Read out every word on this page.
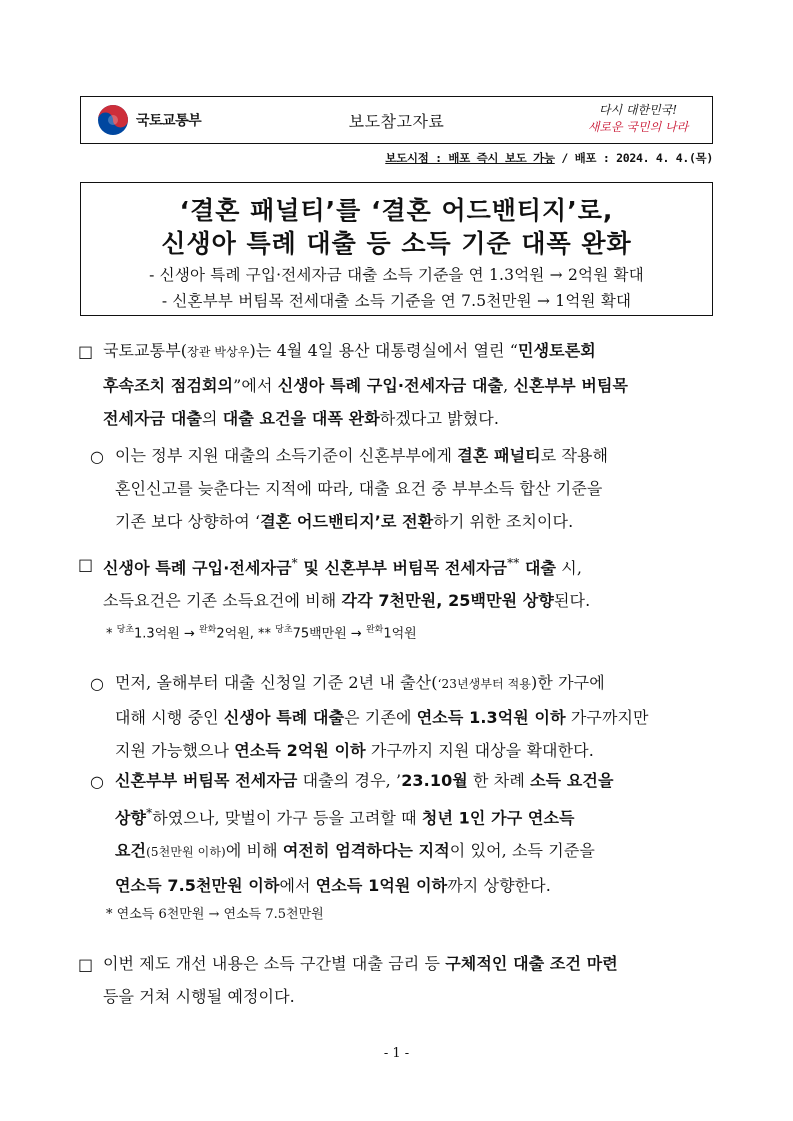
국토교통부	보도참고자료
다시 대한민국!
새로운 국민의 나라
보도시점 : 배포 즉시 보도 가능 / 배포 : 2024. 4. 4.(목)
‘결혼 패널티’를 ‘결혼 어드밴티지’로,
신생아 특례 대출 등 소득 기준 대폭 완화
- 신생아 특례 구입·전세자금 대출 소득 기준을 연 1.3억원 → 2억원 확대
- 신혼부부 버팀목 전세대출 소득 기준을 연 7.5천만원 → 1억원 확대
□ 국토교통부(장관 박상우)는 4월 4일 용산 대통령실에서 열린 “민생토론회
후속조치 점검회의”에서 신생아 특례 구입·전세자금 대출, 신혼부부 버팀목
전세자금 대출의 대출 요건을 대폭 완화하겠다고 밝혔다.
○ 이는 정부 지원 대출의 소득기준이 신혼부부에게 결혼 패널티로 작용해
혼인신고를 늦춘다는 지적에 따라, 대출 요건 중 부부소득 합산 기준을
기존 보다 상향하여 ‘결혼 어드밴티지’로 전환하기 위한 조치이다.
□ 신생아 특례 구입·전세자금* 및 신혼부부 버팀목 전세자금** 대출 시,
소득요건은 기존 소득요건에 비해 각각 7천만원, 25백만원 상향된다.
* $^{당초}$1.3억원 → $^{완화}$2억원, ** $^{당초}$75백만원 → $^{완화}$1억원
○ 먼저, 올해부터 대출 신청일 기준 2년 내 출산(‘23년생부터 적용)한 가구에
대해 시행 중인 신생아 특례 대출은 기존에 연소득 1.3억원 이하 가구까지만
지원 가능했으나 연소득 2억원 이하 가구까지 지원 대상을 확대한다.
○ 신혼부부 버팀목 전세자금 대출의 경우, ’23.10월 한 차례 소득 요건을
상향*하였으나, 맞벌이 가구 등을 고려할 때 청년 1인 가구 연소득
요건(5천만원 이하)에 비해 여전히 엄격하다는 지적이 있어, 소득 기준을
연소득 7.5천만원 이하에서 연소득 1억원 이하까지 상향한다.
* 연소득 6천만원 → 연소득 7.5천만원
□ 이번 제도 개선 내용은 소득 구간별 대출 금리 등 구체적인 대출 조건 마련
등을 거쳐 시행될 예정이다.
- 1 -
